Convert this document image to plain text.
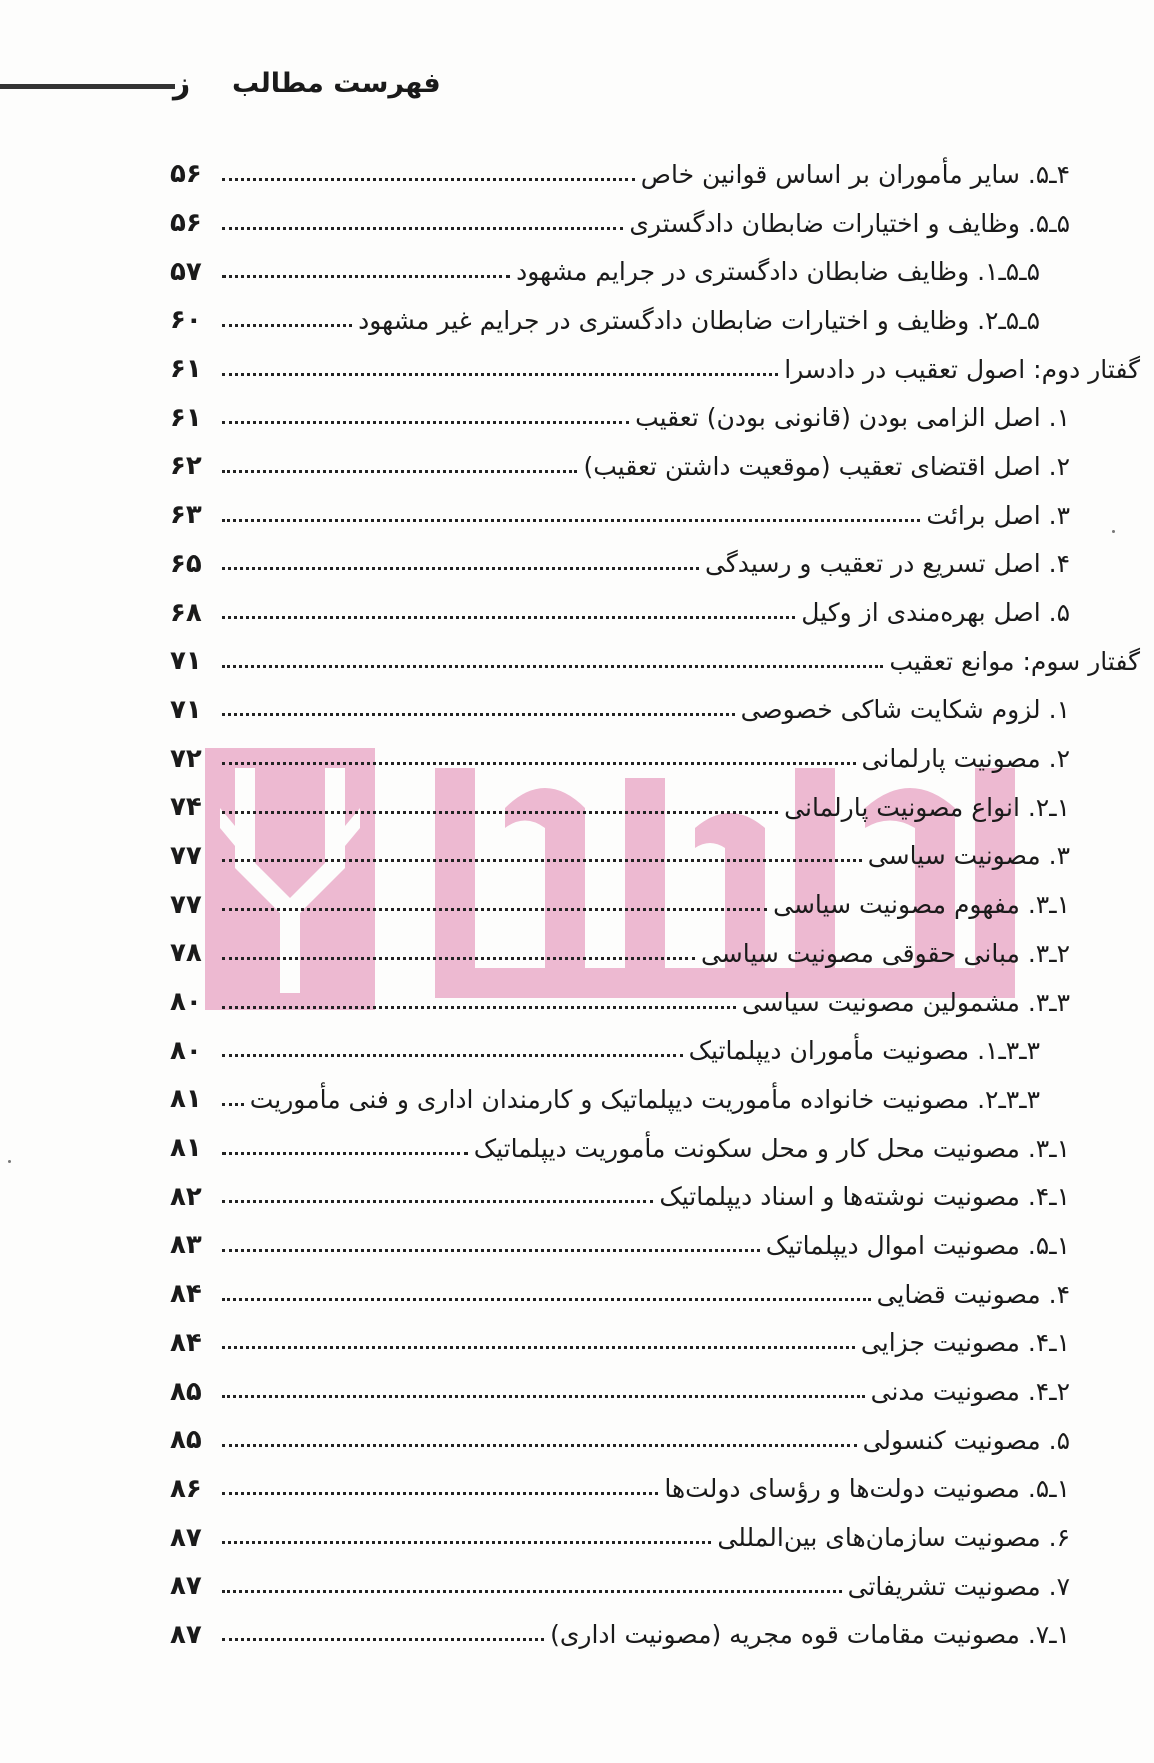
ز فهرست مطالب
۵۶	۴ـ۵. سایر مأموران بر اساس قوانین خاص
۵۶	۵ـ۵. وظایف و اختیارات ضابطان دادگستری
۵۷	۵ـ۵ـ۱. وظایف ضابطان دادگستری در جرایم مشهود
۶۰	۵ـ۵ـ۲. وظایف و اختیارات ضابطان دادگستری در جرایم غیر مشهود
۶۱	گفتار دوم: اصول تعقیب در دادسرا
۶۱	۱. اصل الزامی بودن (قانونی بودن) تعقیب
۶۲	۲. اصل اقتضای تعقیب (موقعیت داشتن تعقیب)
۶۳	۳. اصل برائت
۶۵	۴. اصل تسریع در تعقیب و رسیدگی
۶۸	۵. اصل بهره‌مندی از وکیل
۷۱	گفتار سوم: موانع تعقیب
۷۱	۱. لزوم شکایت شاکی خصوصی
۷۲	۲. مصونیت پارلمانی
۷۴	۱ـ۲. انواع مصونیت پارلمانی
۷۷	۳. مصونیت سیاسی
۷۷	۱ـ۳. مفهوم مصونیت سیاسی
۷۸	۲ـ۳. مبانی حقوقی مصونیت سیاسی
۸۰	۳ـ۳. مشمولین مصونیت سیاسی
۸۰	۳ـ۳ـ۱. مصونیت مأموران دیپلماتیک
۸۱	۳ـ۳ـ۲. مصونیت خانواده مأموریت دیپلماتیک و کارمندان اداری و فنی مأموریت
۸۱	۱ـ۳. مصونیت محل کار و محل سکونت مأموریت دیپلماتیک
۸۲	۱ـ۴. مصونیت نوشته‌ها و اسناد دیپلماتیک
۸۳	۱ـ۵. مصونیت اموال دیپلماتیک
۸۴	۴. مصونیت قضایی
۸۴	۱ـ۴. مصونیت جزایی
۸۵	۲ـ۴. مصونیت مدنی
۸۵	۵. مصونیت کنسولی
۸۶	۱ـ۵. مصونیت دولت‌ها و رؤسای دولت‌ها
۸۷	۶. مصونیت سازمان‌های بین‌المللی
۸۷	۷. مصونیت تشریفاتی
۸۷	۱ـ۷. مصونیت مقامات قوه مجریه (مصونیت اداری)
